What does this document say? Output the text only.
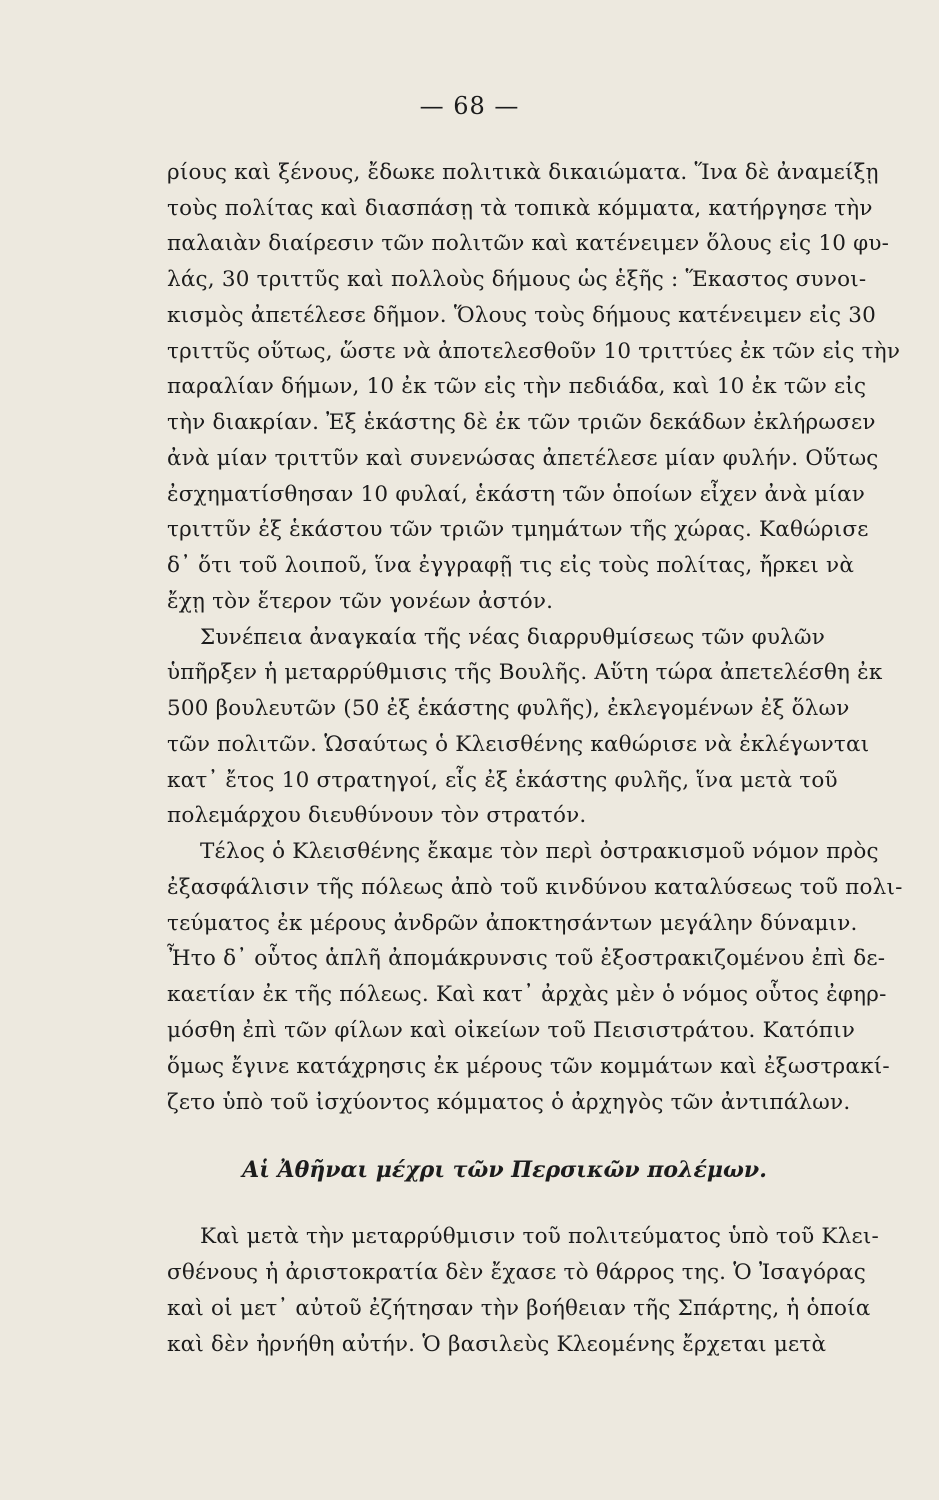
— 68 —
ρίους καὶ ξένους, ἔδωκε πολιτικὰ δικαιώματα. Ἵνα δὲ ἀναμείξῃ
τοὺς πολίτας καὶ διασπάσῃ τὰ τοπικὰ κόμματα, κατήργησε τὴν
παλαιὰν διαίρεσιν τῶν πολιτῶν καὶ κατένειμεν ὅλους εἰς 10 φυ-
λάς, 30 τριττῦς καὶ πολλοὺς δήμους ὡς ἑξῆς : Ἕκαστος συνοι-
κισμὸς ἀπετέλεσε δῆμον. Ὅλους τοὺς δήμους κατένειμεν εἰς 30
τριττῦς οὕτως, ὥστε νὰ ἀποτελεσθοῦν 10 τριττύες ἐκ τῶν εἰς τὴν
παραλίαν δήμων, 10 ἐκ τῶν εἰς τὴν πεδιάδα, καὶ 10 ἐκ τῶν εἰς
τὴν διακρίαν. Ἐξ ἑκάστης δὲ ἐκ τῶν τριῶν δεκάδων ἐκλήρωσεν
ἀνὰ μίαν τριττῦν καὶ συνενώσας ἀπετέλεσε μίαν φυλήν. Οὕτως
ἐσχηματίσθησαν 10 φυλαί, ἑκάστη τῶν ὁποίων εἶχεν ἀνὰ μίαν
τριττῦν ἐξ ἑκάστου τῶν τριῶν τμημάτων τῆς χώρας. Καθώρισε
δ᾽ ὅτι τοῦ λοιποῦ, ἵνα ἐγγραφῇ τις εἰς τοὺς πολίτας, ἤρκει νὰ
ἔχῃ τὸν ἕτερον τῶν γονέων ἀστόν.
Συνέπεια ἀναγκαία τῆς νέας διαρρυθμίσεως τῶν φυλῶν
ὑπῆρξεν ἡ μεταρρύθμισις τῆς Βουλῆς. Αὕτη τώρα ἀπετελέσθη ἐκ
500 βουλευτῶν (50 ἐξ ἑκάστης φυλῆς), ἐκλεγομένων ἐξ ὅλων
τῶν πολιτῶν. Ὡσαύτως ὁ Κλεισθένης καθώρισε νὰ ἐκλέγωνται
κατ᾽ ἔτος 10 στρατηγοί, εἷς ἐξ ἑκάστης φυλῆς, ἵνα μετὰ τοῦ
πολεμάρχου διευθύνουν τὸν στρατόν.
Τέλος ὁ Κλεισθένης ἔκαμε τὸν περὶ ὀστρακισμοῦ νόμον πρὸς
ἐξασφάλισιν τῆς πόλεως ἀπὸ τοῦ κινδύνου καταλύσεως τοῦ πολι-
τεύματος ἐκ μέρους ἀνδρῶν ἀποκτησάντων μεγάλην δύναμιν.
Ἦτο δ᾽ οὗτος ἁπλῆ ἀπομάκρυνσις τοῦ ἐξοστρακιζομένου ἐπὶ δε-
καετίαν ἐκ τῆς πόλεως. Καὶ κατ᾽ ἀρχὰς μὲν ὁ νόμος οὗτος ἐφηρ-
μόσθη ἐπὶ τῶν φίλων καὶ οἰκείων τοῦ Πεισιστράτου. Κατόπιν
ὅμως ἔγινε κατάχρησις ἐκ μέρους τῶν κομμάτων καὶ ἐξωστρακί-
ζετο ὑπὸ τοῦ ἰσχύοντος κόμματος ὁ ἀρχηγὸς τῶν ἀντιπάλων.
Αἱ Ἀθῆναι μέχρι τῶν Περσικῶν πολέμων.
Καὶ μετὰ τὴν μεταρρύθμισιν τοῦ πολιτεύματος ὑπὸ τοῦ Κλει-
σθένους ἡ ἀριστοκρατία δὲν ἔχασε τὸ θάρρος της. Ὁ Ἰσαγόρας
καὶ οἱ μετ᾽ αὐτοῦ ἐζήτησαν τὴν βοήθειαν τῆς Σπάρτης, ἡ ὁποία
καὶ δὲν ἠρνήθη αὐτήν. Ὁ βασιλεὺς Κλεομένης ἔρχεται μετὰ
